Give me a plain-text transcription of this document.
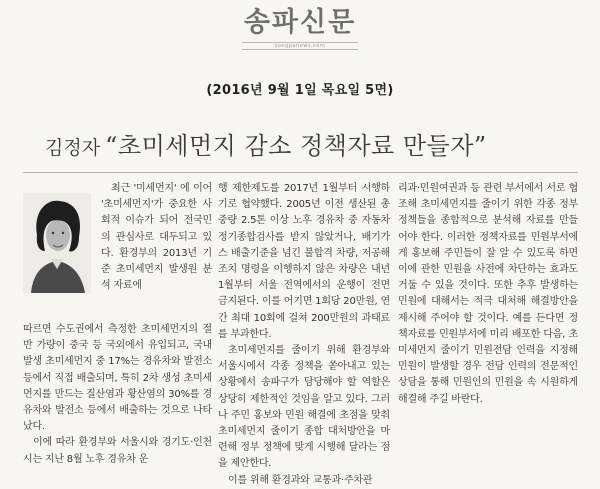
송파신문
songpanews.com
(2016년 9월 1일 목요일 5면)
김정자 “초미세먼지 감소 정책자료 만들자”

최근 '미세먼지' 에 이어 '초미세먼지'가 중요한 사회적 이슈가 되어 전국민의 관심사로 대두되고 있다. 환경부의 2013년 기준 초미세먼지 발생원 분석 자료에

따르면 수도권에서 측정한 초미세먼지의 절반 가량이 중국 등 국외에서 유입되고, 국내 발생 초미세먼지 중 17%는 경유차와 발전소 등에서 직접 배출되며, 특히 2차 생성 초미세먼지를 만드는 질산염과 황산염의 30%를 경유차와 발전소 등에서 배출하는 것으로 나타났다.

이에 따라 환경부와 서울시와 경기도·인천시는 지난 8월 노후 경유차 운

행 제한제도를 2017년 1월부터 시행하기로 협약했다. 2005년 이전 생산된 총중량 2.5톤 이상 노후 경유차 중 자동차 정기종합검사를 받지 않았거나, 배기가스 배출기준을 넘긴 불합격 차량, 저공해 조치 명령을 이행하지 않은 차량은 내년 1월부터 서울 전역에서의 운행이 전면 금지된다. 이를 어기면 1회당 20만원, 연간 최대 10회에 걸쳐 200만원의 과태료를 부과한다.

초미세먼지를 줄이기 위해 환경부와 서울시에서 각종 정책을 쏟아내고 있는 상황에서 송파구가 담당해야 할 역할은 상당히 제한적인 것임을 알고 있다. 그러나 주민 홍보와 민원 해결에 초점을 맞춰 초미세먼지 줄이기 종합 대처방안을 마련해 정부 정책에 맞게 시행해 달라는 점을 제안한다.

이를 위해 환경과와 교통과·주차관

리과·민원여권과 등 관련 부서에서 서로 협조해 초미세먼지를 줄이기 위한 각종 정부 정책들을 종합적으로 분석해 자료를 만들어야 한다. 이러한 정책자료를 민원부서에게 홍보해 주민들이 잘 알 수 있도록 하면 이에 관한 민원을 사전에 차단하는 효과도 거둘 수 있을 것이다. 또한 추후 발생하는 민원에 대해서는 적극 대처해 해결방안을 제시해 주어야 할 것이다. 예를 든다면 정책자료를 민원부서에 미리 배포한 다음, 초미세먼지 줄이기 민원전담 인력을 지정해 민원이 발생할 경우 전담 인력의 전문적인 상담을 통해 민원인의 민원을 속 시원하게 해결해 주길 바란다.
